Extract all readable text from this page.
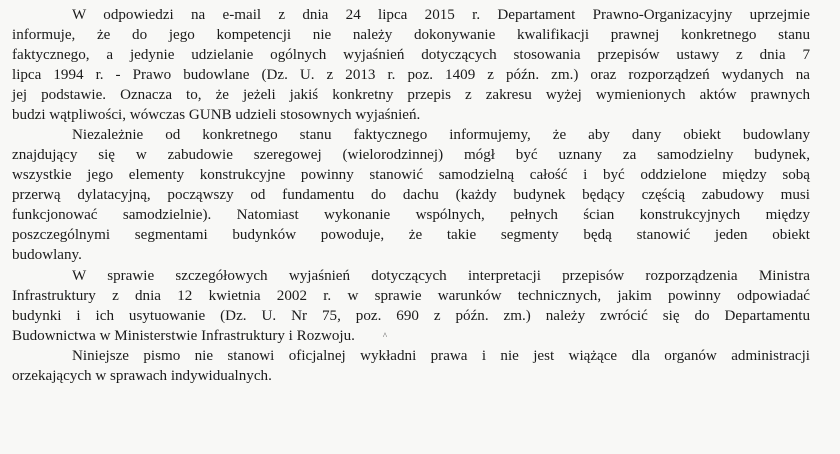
W odpowiedzi na e-mail z dnia 24 lipca 2015 r. Departament Prawno-Organizacyjny uprzejmie
informuje, że do jego kompetencji nie należy dokonywanie kwalifikacji prawnej konkretnego stanu
faktycznego, a jedynie udzielanie ogólnych wyjaśnień dotyczących stosowania przepisów ustawy z dnia 7
lipca 1994 r. - Prawo budowlane (Dz. U. z 2013 r. poz. 1409 z późn. zm.) oraz rozporządzeń wydanych na
jej podstawie. Oznacza to, że jeżeli jakiś konkretny przepis z zakresu wyżej wymienionych aktów prawnych
budzi wątpliwości, wówczas GUNB udzieli stosownych wyjaśnień.
Niezależnie od konkretnego stanu faktycznego informujemy, że aby dany obiekt budowlany
znajdujący się w zabudowie szeregowej (wielorodzinnej) mógł być uznany za samodzielny budynek,
wszystkie jego elementy konstrukcyjne powinny stanowić samodzielną całość i być oddzielone między sobą
przerwą dylatacyjną, począwszy od fundamentu do dachu (każdy budynek będący częścią zabudowy musi
funkcjonować samodzielnie). Natomiast wykonanie wspólnych, pełnych ścian konstrukcyjnych między
poszczególnymi segmentami budynków powoduje, że takie segmenty będą stanowić jeden obiekt
budowlany.
W sprawie szczegółowych wyjaśnień dotyczących interpretacji przepisów rozporządzenia Ministra
Infrastruktury z dnia 12 kwietnia 2002 r. w sprawie warunków technicznych, jakim powinny odpowiadać
budynki i ich usytuowanie (Dz. U. Nr 75, poz. 690 z późn. zm.) należy zwrócić się do Departamentu
Budownictwa w Ministerstwie Infrastruktury i Rozwoju.	^
Niniejsze pismo nie stanowi oficjalnej wykładni prawa i nie jest wiążące dla organów administracji
orzekających w sprawach indywidualnych.
